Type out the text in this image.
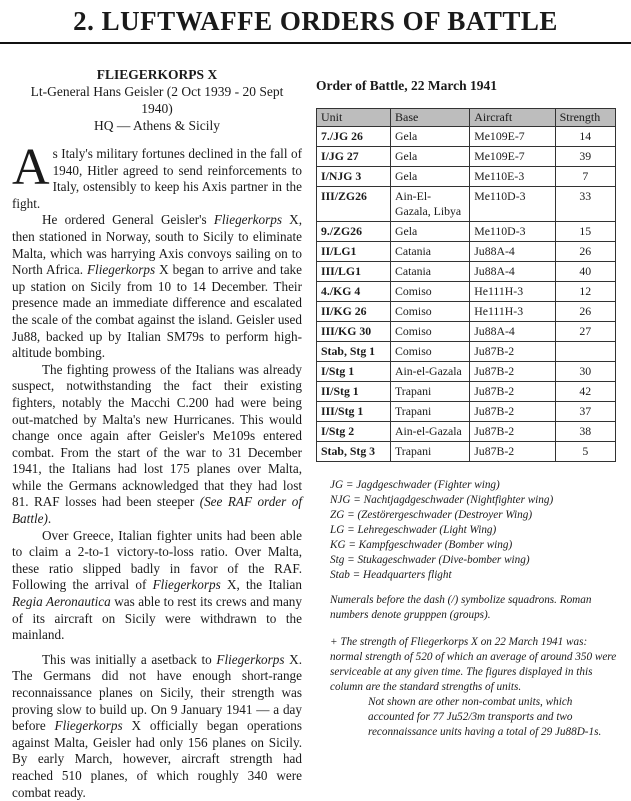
2. LUFTWAFFE ORDERS OF BATTLE

FLIEGERKORPS X

Lt-General Hans Geisler (2 Oct 1939 - 20 Sept 1940)

HQ — Athens & Sicily

As Italy's military fortunes declined in the fall of 1940, Hitler agreed to send reinforcements to Italy, ostensibly to keep his Axis partner in the fight.

He ordered General Geisler's Fliegerkorps X, then stationed in Norway, south to Sicily to eliminate Malta, which was harrying Axis convoys sailing on to North Africa. Fliegerkorps X began to arrive and take up station on Sicily from 10 to 14 December. Their presence made an immediate difference and escalated the scale of the combat against the island. Geisler used Ju88, backed up by Italian SM79s to perform high-altitude bombing.

The fighting prowess of the Italians was already suspect, notwithstanding the fact their existing fighters, notably the Macchi C.200 had were being out-matched by Malta's new Hurricanes. This would change once again after Geisler's Me109s entered combat. From the start of the war to 31 December 1941, the Italians had lost 175 planes over Malta, while the Germans acknowledged that they had lost 81. RAF losses had been steeper (See RAF order of Battle).

Over Greece, Italian fighter units had been able to claim a 2-to-1 victory-to-loss ratio. Over Malta, these ratio slipped badly in favor of the RAF. Following the arrival of Fliegerkorps X, the Italian Regia Aeronautica was able to rest its crews and many of its aircraft on Sicily were withdrawn to the mainland.

This was initially a asetback to Fliegerkorps X. The Germans did not have enough short-range reconnaissance planes on Sicily, their strength was proving slow to build up. On 9 January 1941 — a day before Fliegerkorps X officially began operations against Malta, Geisler had only 156 planes on Sicily. By early March, however, aircraft strength had reached 510 planes, of which roughly 340 were combat ready.

Order of Battle, 22 March 1941

Unit	Base	Aircraft	Strength
7./JG 26	Gela	Me109E-7	14
I/JG 27	Gela	Me109E-7	39
I/NJG 3	Gela	Me110E-3	7
III/ZG26	Ain-El-Gazala, Libya	Me110D-3	33
9./ZG26	Gela	Me110D-3	15
II/LG1	Catania	Ju88A-4	26
III/LG1	Catania	Ju88A-4	40
4./KG 4	Comiso	He111H-3	12
II/KG 26	Comiso	He111H-3	26
III/KG 30	Comiso	Ju88A-4	27
Stab, Stg 1	Comiso	Ju87B-2	
I/Stg 1	Ain-el-Gazala	Ju87B-2	30
II/Stg 1	Trapani	Ju87B-2	42
III/Stg 1	Trapani	Ju87B-2	37
I/Stg 2	Ain-el-Gazala	Ju87B-2	38
Stab, Stg 3	Trapani	Ju87B-2	5
JG = Jagdgeschwader (Fighter wing)
NJG = Nachtjagdgeschwader (Nightfighter wing)
ZG = (Zestörergeschwader (Destroyer Wing)
LG = Lehregeschwader (Light Wing)
KG = Kampfgeschwader (Bomber wing)
Stg = Stukageschwader (Dive-bomber wing)
Stab = Headquarters flight
Numerals before the dash (/) symbolize squadrons. Roman numbers denote grupppen (groups).
+ The strength of Fliegerkorps X on 22 March 1941 was: normal strength of 520 of which an average of around 350 were serviceable at any given time. The figures displayed in this column are the standard strengths of units.
Not shown are other non-combat units, which accounted for 77 Ju52/3m transports and two reconnaissance units having a total of 29 Ju88D-1s.
